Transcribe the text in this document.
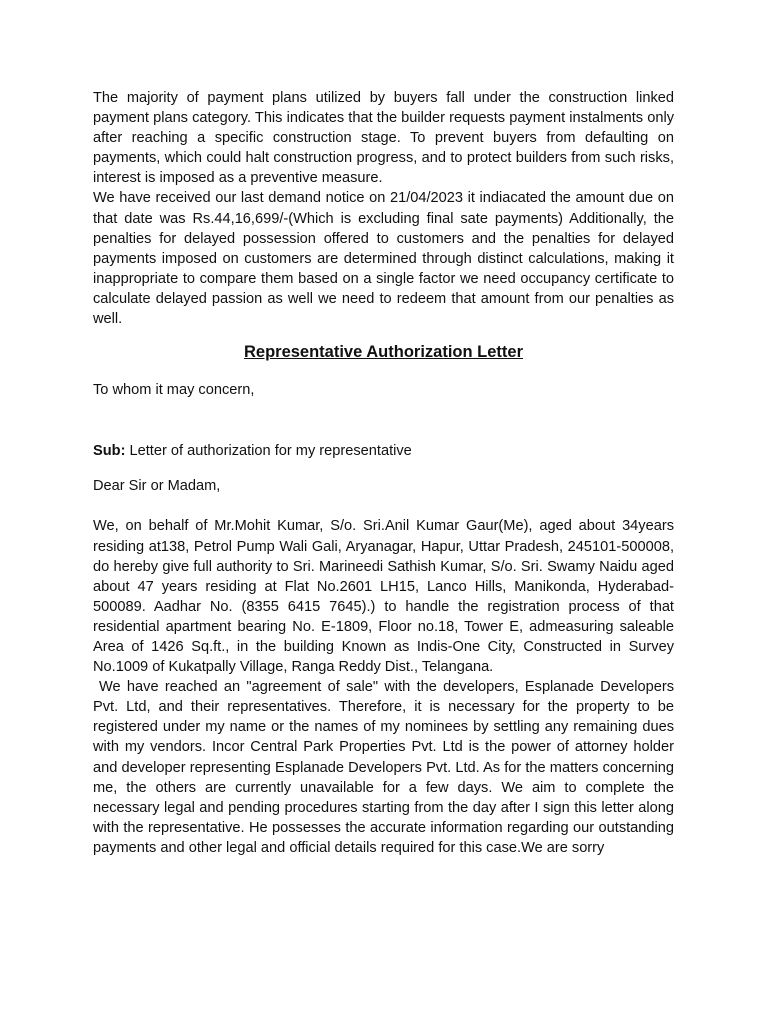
The majority of payment plans utilized by buyers fall under the construction linked payment plans category. This indicates that the builder requests payment instalments only after reaching a specific construction stage. To prevent buyers from defaulting on payments, which could halt construction progress, and to protect builders from such risks, interest is imposed as a preventive measure.

We have received our last demand notice on 21/04/2023 it indiacated the amount due on that date was Rs.44,16,699/-(Which is excluding final sate payments) Additionally, the penalties for delayed possession offered to customers and the penalties for delayed payments imposed on customers are determined through distinct calculations, making it inappropriate to compare them based on a single factor we need occupancy certificate to calculate delayed passion as well we need to redeem that amount from our penalties as well.

Representative Authorization Letter

To whom it may concern,

Sub: Letter of authorization for my representative

Dear Sir or Madam,

We, on behalf of Mr.Mohit Kumar, S/o. Sri.Anil Kumar Gaur(Me), aged about 34years residing at138, Petrol Pump Wali Gali, Aryanagar, Hapur, Uttar Pradesh, 245101-500008, do hereby give full authority to Sri. Marineedi Sathish Kumar, S/o. Sri. Swamy Naidu aged about 47 years residing at Flat No.2601 LH15, Lanco Hills, Manikonda, Hyderabad-500089. Aadhar No. (8355 6415 7645).) to handle the registration process of that residential apartment bearing No. E-1809, Floor no.18, Tower E, admeasuring saleable Area of 1426 Sq.ft., in the building Known as Indis-One City, Constructed in Survey No.1009 of Kukatpally Village, Ranga Reddy Dist., Telangana.

We have reached an "agreement of sale" with the developers, Esplanade Developers Pvt. Ltd, and their representatives. Therefore, it is necessary for the property to be registered under my name or the names of my nominees by settling any remaining dues with my vendors. Incor Central Park Properties Pvt. Ltd is the power of attorney holder and developer representing Esplanade Developers Pvt. Ltd. As for the matters concerning me, the others are currently unavailable for a few days. We aim to complete the necessary legal and pending procedures starting from the day after I sign this letter along with the representative. He possesses the accurate information regarding our outstanding payments and other legal and official details required for this case.We are sorry
